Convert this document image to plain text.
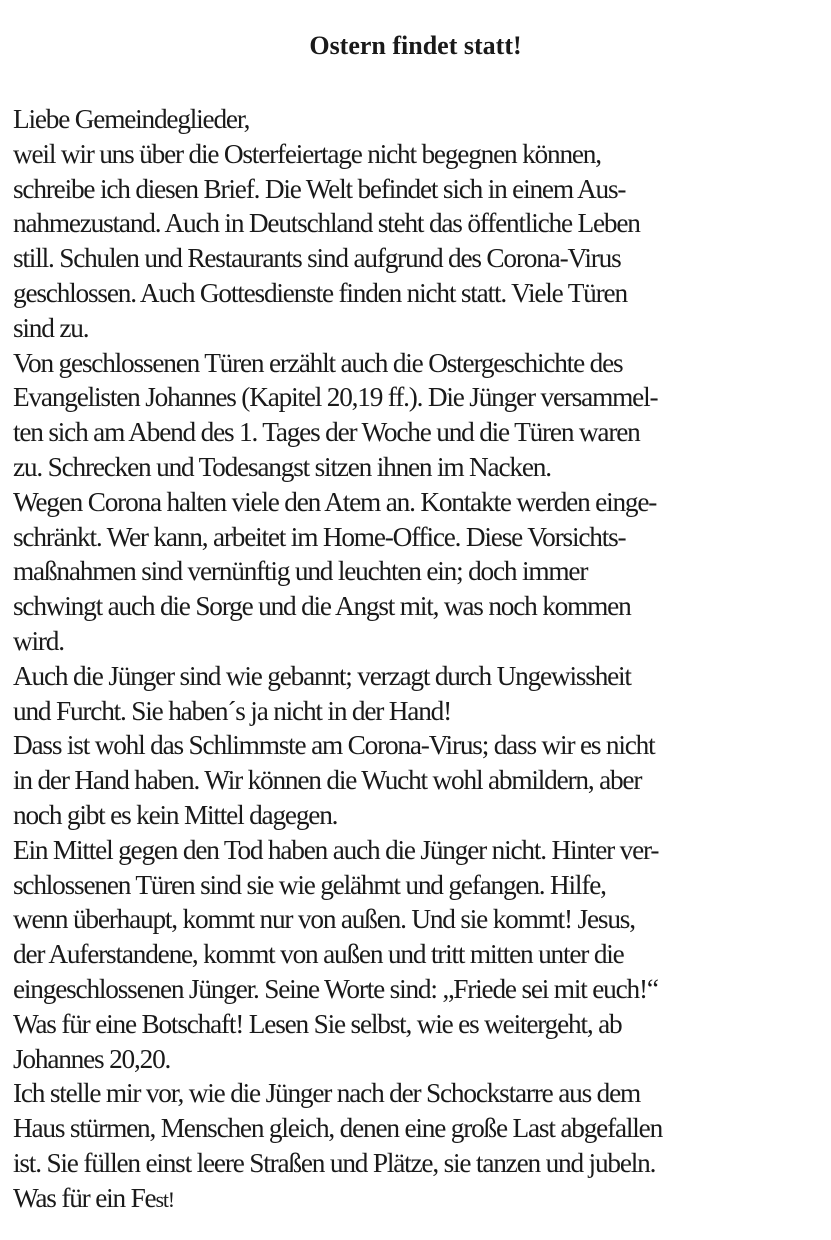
Ostern findet statt!
Liebe Gemeindeglieder,
weil wir uns über die Osterfeiertage nicht begegnen können,
schreibe ich diesen Brief. Die Welt befindet sich in einem Aus-
nahmezustand. Auch in Deutschland steht das öffentliche Leben
still. Schulen und Restaurants sind aufgrund des Corona-Virus
geschlossen. Auch Gottesdienste finden nicht statt. Viele Türen
sind zu.
Von geschlossenen Türen erzählt auch die Ostergeschichte des
Evangelisten Johannes (Kapitel 20,19 ff.). Die Jünger versammel-
ten sich am Abend des 1. Tages der Woche und die Türen waren
zu. Schrecken und Todesangst sitzen ihnen im Nacken.
Wegen Corona halten viele den Atem an. Kontakte werden einge-
schränkt. Wer kann, arbeitet im Home-Office. Diese Vorsichts-
maßnahmen sind vernünftig und leuchten ein; doch immer
schwingt auch die Sorge und die Angst mit, was noch kommen
wird.
Auch die Jünger sind wie gebannt; verzagt durch Ungewissheit
und Furcht. Sie haben´s ja nicht in der Hand!
Dass ist wohl das Schlimmste am Corona-Virus; dass wir es nicht
in der Hand haben. Wir können die Wucht wohl abmildern, aber
noch gibt es kein Mittel dagegen.
Ein Mittel gegen den Tod haben auch die Jünger nicht. Hinter ver-
schlossenen Türen sind sie wie gelähmt und gefangen. Hilfe,
wenn überhaupt, kommt nur von außen. Und sie kommt! Jesus,
der Auferstandene, kommt von außen und tritt mitten unter die
eingeschlossenen Jünger. Seine Worte sind: „Friede sei mit euch!“
Was für eine Botschaft! Lesen Sie selbst, wie es weitergeht, ab
Johannes 20,20.
Ich stelle mir vor, wie die Jünger nach der Schockstarre aus dem
Haus stürmen, Menschen gleich, denen eine große Last abgefallen
ist. Sie füllen einst leere Straßen und Plätze, sie tanzen und jubeln.
Was für ein Fest!
